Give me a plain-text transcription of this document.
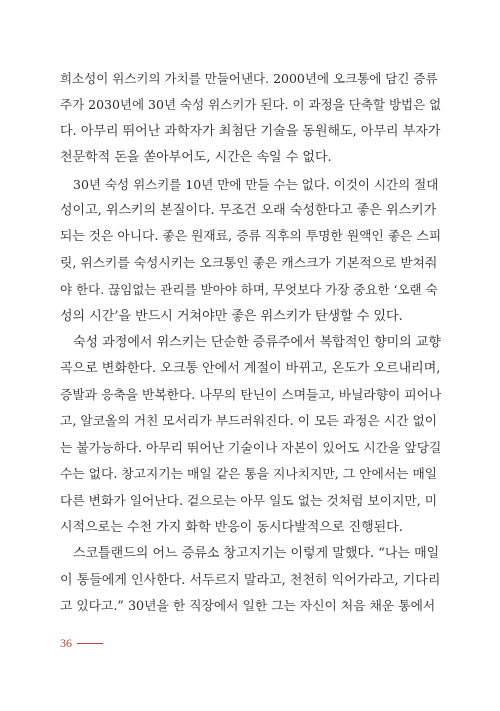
희소성이 위스키의 가치를 만들어낸다. 2000년에 오크통에 담긴 증류
주가 2030년에 30년 숙성 위스키가 된다. 이 과정을 단축할 방법은 없
다. 아무리 뛰어난 과학자가 최첨단 기술을 동원해도, 아무리 부자가
천문학적 돈을 쏟아부어도, 시간은 속일 수 없다.
30년 숙성 위스키를 10년 만에 만들 수는 없다. 이것이 시간의 절대
성이고, 위스키의 본질이다. 무조건 오래 숙성한다고 좋은 위스키가
되는 것은 아니다. 좋은 원재료, 증류 직후의 투명한 원액인 좋은 스피
릿, 위스키를 숙성시키는 오크통인 좋은 캐스크가 기본적으로 받쳐줘
야 한다. 끊임없는 관리를 받아야 하며, 무엇보다 가장 중요한 ‘오랜 숙
성의 시간’을 반드시 거쳐야만 좋은 위스키가 탄생할 수 있다.
숙성 과정에서 위스키는 단순한 증류주에서 복합적인 향미의 교향
곡으로 변화한다. 오크통 안에서 계절이 바뀌고, 온도가 오르내리며,
증발과 응축을 반복한다. 나무의 탄닌이 스며들고, 바닐라향이 피어나
고, 알코올의 거친 모서리가 부드러워진다. 이 모든 과정은 시간 없이
는 불가능하다. 아무리 뛰어난 기술이나 자본이 있어도 시간을 앞당길
수는 없다. 창고지기는 매일 같은 통을 지나치지만, 그 안에서는 매일
다른 변화가 일어난다. 겉으로는 아무 일도 없는 것처럼 보이지만, 미
시적으로는 수천 가지 화학 반응이 동시다발적으로 진행된다.
스코틀랜드의 어느 증류소 창고지기는 이렇게 말했다. “나는 매일
이 통들에게 인사한다. 서두르지 말라고, 천천히 익어가라고, 기다리
고 있다고.” 30년을 한 직장에서 일한 그는 자신이 처음 채운 통에서
36
